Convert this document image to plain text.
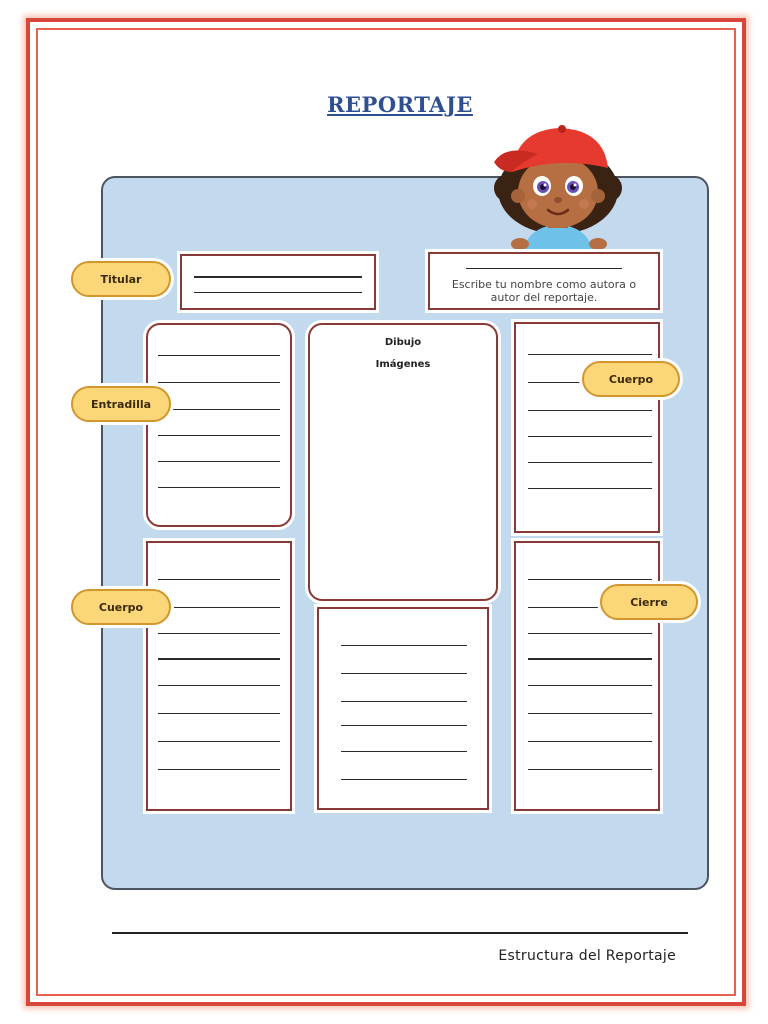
REPORTAJE
Escribe tu nombre como autora o
autor del reportaje.
Dibujo
Imágenes
Titular
Entradilla
Cuerpo
Cuerpo	Cierre
Estructura del Reportaje
